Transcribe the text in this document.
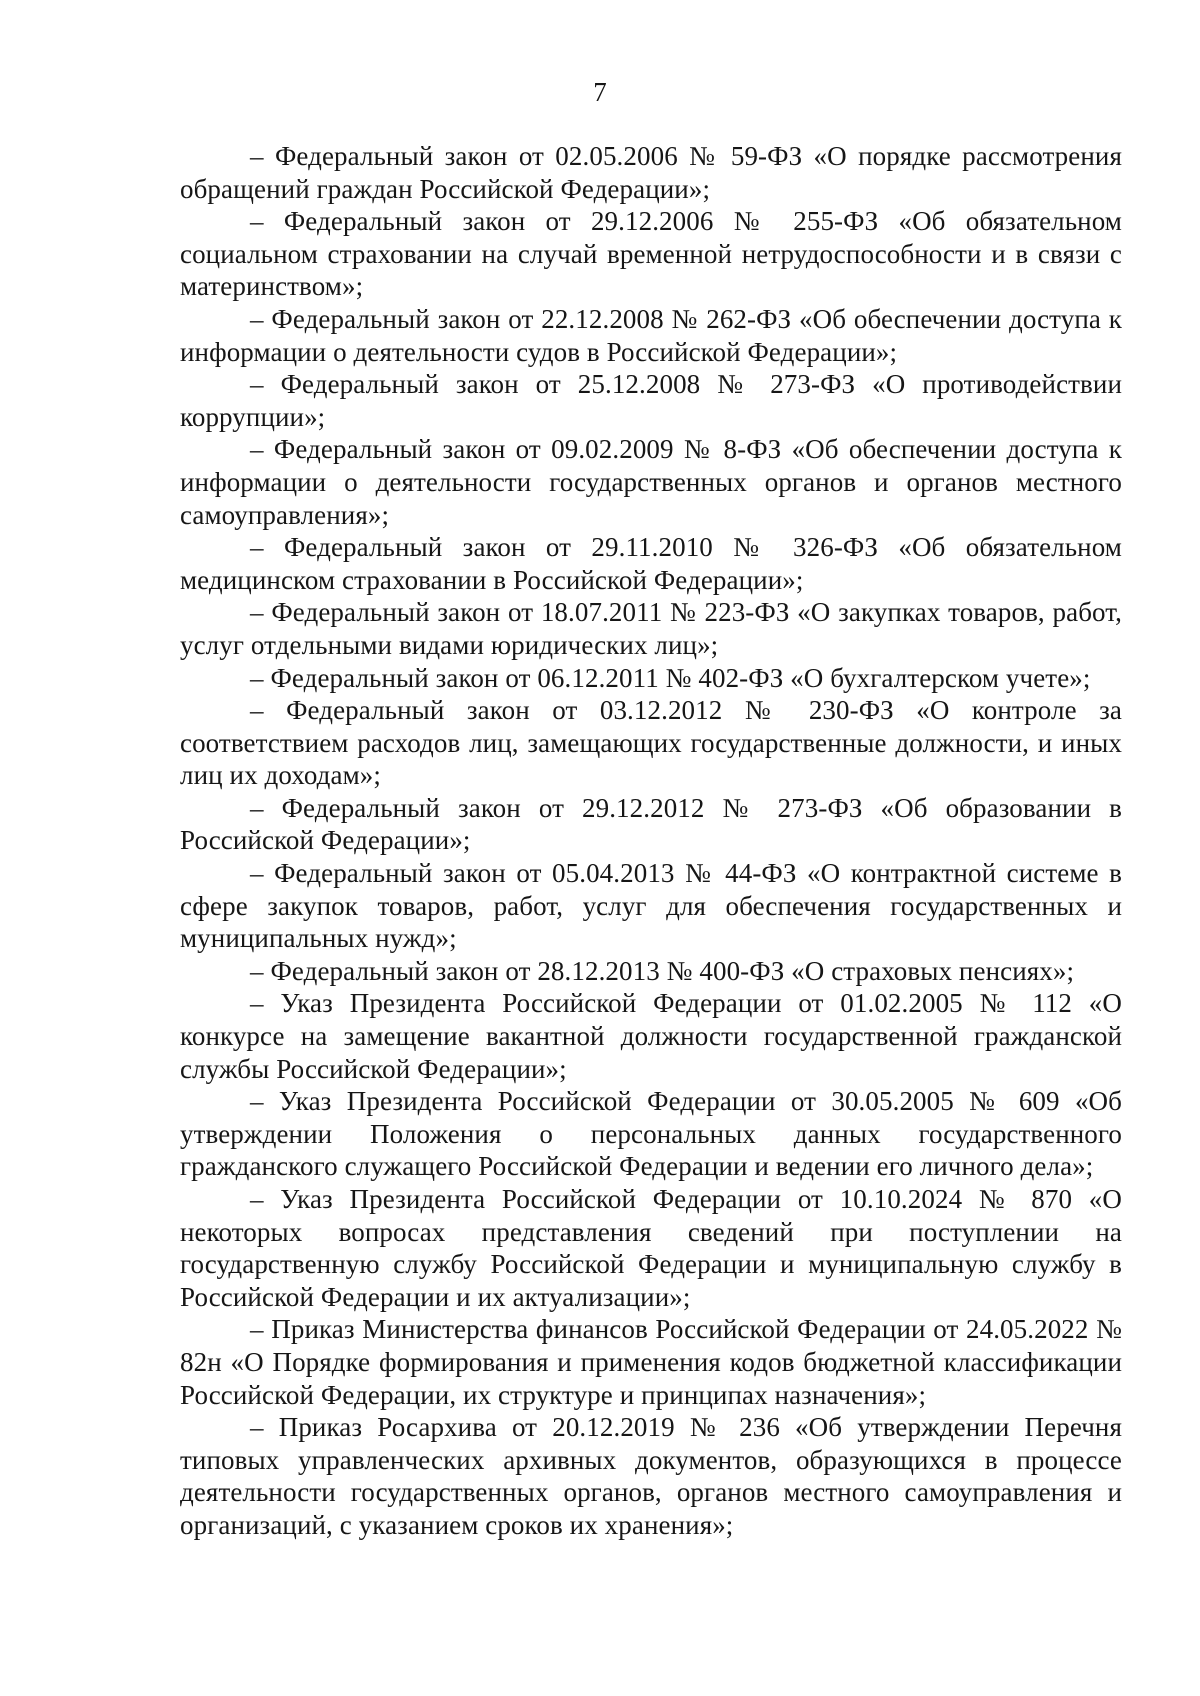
7

– Федеральный закон от 02.05.2006 № 59-ФЗ «О порядке рассмотрения обращений граждан Российской Федерации»;

– Федеральный закон от 29.12.2006 № 255-ФЗ «Об обязательном социальном страховании на случай временной нетрудоспособности и в связи с материнством»;

– Федеральный закон от 22.12.2008 № 262-ФЗ «Об обеспечении доступа к информации о деятельности судов в Российской Федерации»;

– Федеральный закон от 25.12.2008 № 273-ФЗ «О противодействии коррупции»;

– Федеральный закон от 09.02.2009 № 8-ФЗ «Об обеспечении доступа к информации о деятельности государственных органов и органов местного самоуправления»;

– Федеральный закон от 29.11.2010 № 326-ФЗ «Об обязательном медицинском страховании в Российской Федерации»;

– Федеральный закон от 18.07.2011 № 223-ФЗ «О закупках товаров, работ, услуг отдельными видами юридических лиц»;

– Федеральный закон от 06.12.2011 № 402-ФЗ «О бухгалтерском учете»;

– Федеральный закон от 03.12.2012 № 230-ФЗ «О контроле за соответствием расходов лиц, замещающих государственные должности, и иных лиц их доходам»;

– Федеральный закон от 29.12.2012 № 273-ФЗ «Об образовании в Российской Федерации»;

– Федеральный закон от 05.04.2013 № 44-ФЗ «О контрактной системе в сфере закупок товаров, работ, услуг для обеспечения государственных и муниципальных нужд»;

– Федеральный закон от 28.12.2013 № 400-ФЗ «О страховых пенсиях»;

– Указ Президента Российской Федерации от 01.02.2005 № 112 «О конкурсе на замещение вакантной должности государственной гражданской службы Российской Федерации»;

– Указ Президента Российской Федерации от 30.05.2005 № 609 «Об утверждении Положения о персональных данных государственного гражданского служащего Российской Федерации и ведении его личного дела»;

– Указ Президента Российской Федерации от 10.10.2024 № 870 «О некоторых вопросах представления сведений при поступлении на государственную службу Российской Федерации и муниципальную службу в Российской Федерации и их актуализации»;

– Приказ Министерства финансов Российской Федерации от 24.05.2022 № 82н «О Порядке формирования и применения кодов бюджетной классификации Российской Федерации, их структуре и принципах назначения»;

– Приказ Росархива от 20.12.2019 № 236 «Об утверждении Перечня типовых управленческих архивных документов, образующихся в процессе деятельности государственных органов, органов местного самоуправления и организаций, с указанием сроков их хранения»;
